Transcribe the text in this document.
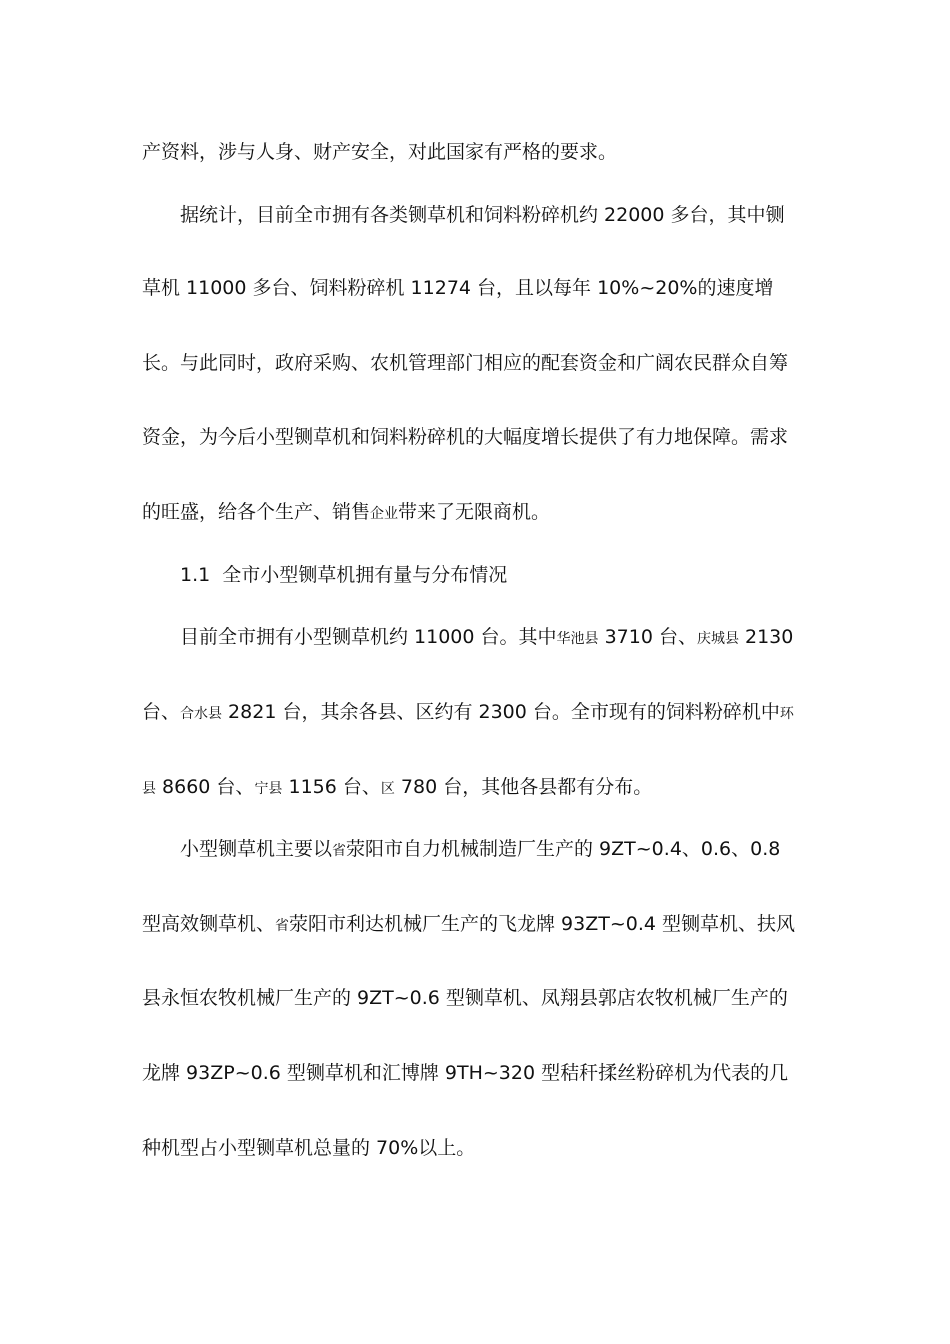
产资料，涉与人身、财产安全，对此国家有严格的要求。
据统计，目前全市拥有各类铡草机和饲料粉碎机约 22000 多台，其中铡
草机 11000 多台、饲料粉碎机 11274 台，且以每年 10%~20%的速度增
长。与此同时，政府采购、农机管理部门相应的配套资金和广阔农民群众自筹
资金，为今后小型铡草机和饲料粉碎机的大幅度增长提供了有力地保障。需求
的旺盛，给各个生产、销售企业带来了无限商机。
1.1 全市小型铡草机拥有量与分布情况
目前全市拥有小型铡草机约 11000 台。其中华池县 3710 台、庆城县 2130
台、合水县 2821 台，其余各县、区约有 2300 台。全市现有的饲料粉碎机中环
县 8660 台、宁县 1156 台、区 780 台，其他各县都有分布。
小型铡草机主要以省荥阳市自力机械制造厂生产的 9ZT~0.4、0.6、0.8
型高效铡草机、省荥阳市利达机械厂生产的飞龙牌 93ZT~0.4 型铡草机、扶风
县永恒农牧机械厂生产的 9ZT~0.6 型铡草机、凤翔县郭店农牧机械厂生产的
龙牌 93ZP~0.6 型铡草机和汇博牌 9TH~320 型秸秆揉丝粉碎机为代表的几
种机型占小型铡草机总量的 70%以上。
